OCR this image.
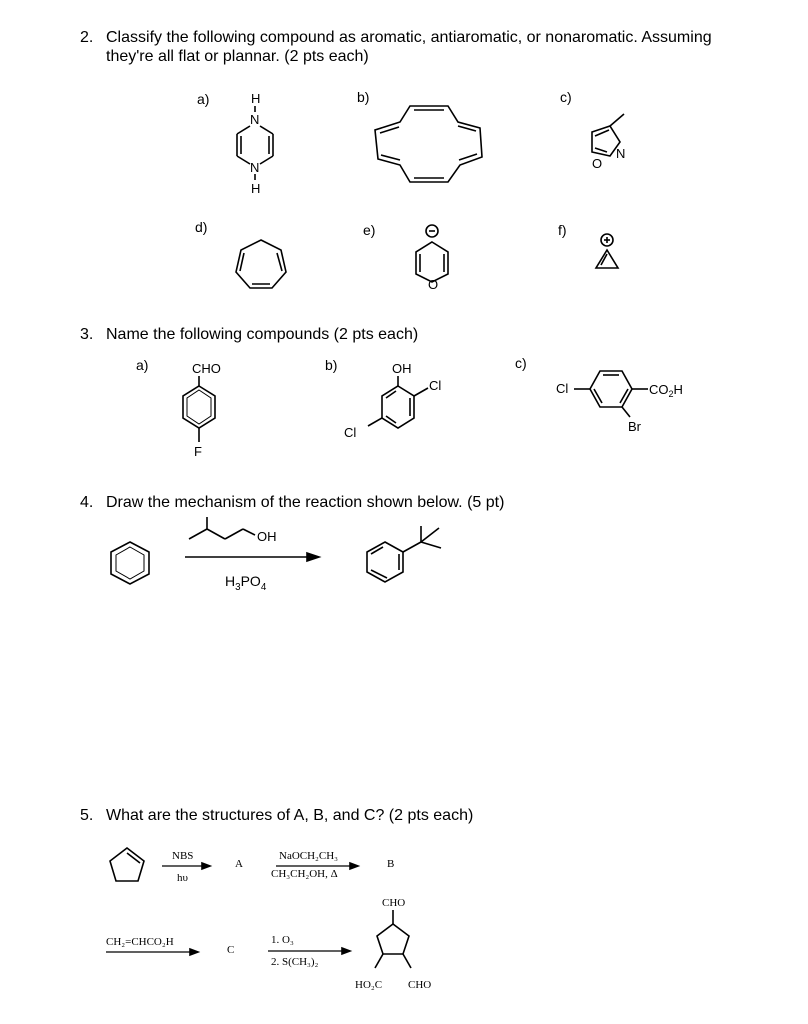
2. Classify the following compound as aromatic, antiaromatic, or nonaromatic. Assuming
they're all flat or plannar. (2 pts each)
a)	b)	c)
d)	e)	f)
H
N
N
H
O
N
O
3. Name the following compounds (2 pts each)
a)	b)	c)
CHO
F
OH
Cl
Cl
Cl	$CO_2H$
Br
4. Draw the mechanism of the reaction shown below. (5 pt)
OH
$H_3PO_4$
5. What are the structures of A, B, and C? (2 pts each)
NBS
hυ
A
NaOCH₂CH₃
CH₃CH₂OH, Δ
B
CH₂=CHCO₂H
C
1. O₃
2. S(CH₃)₂
CHO
HO₂C CHO
